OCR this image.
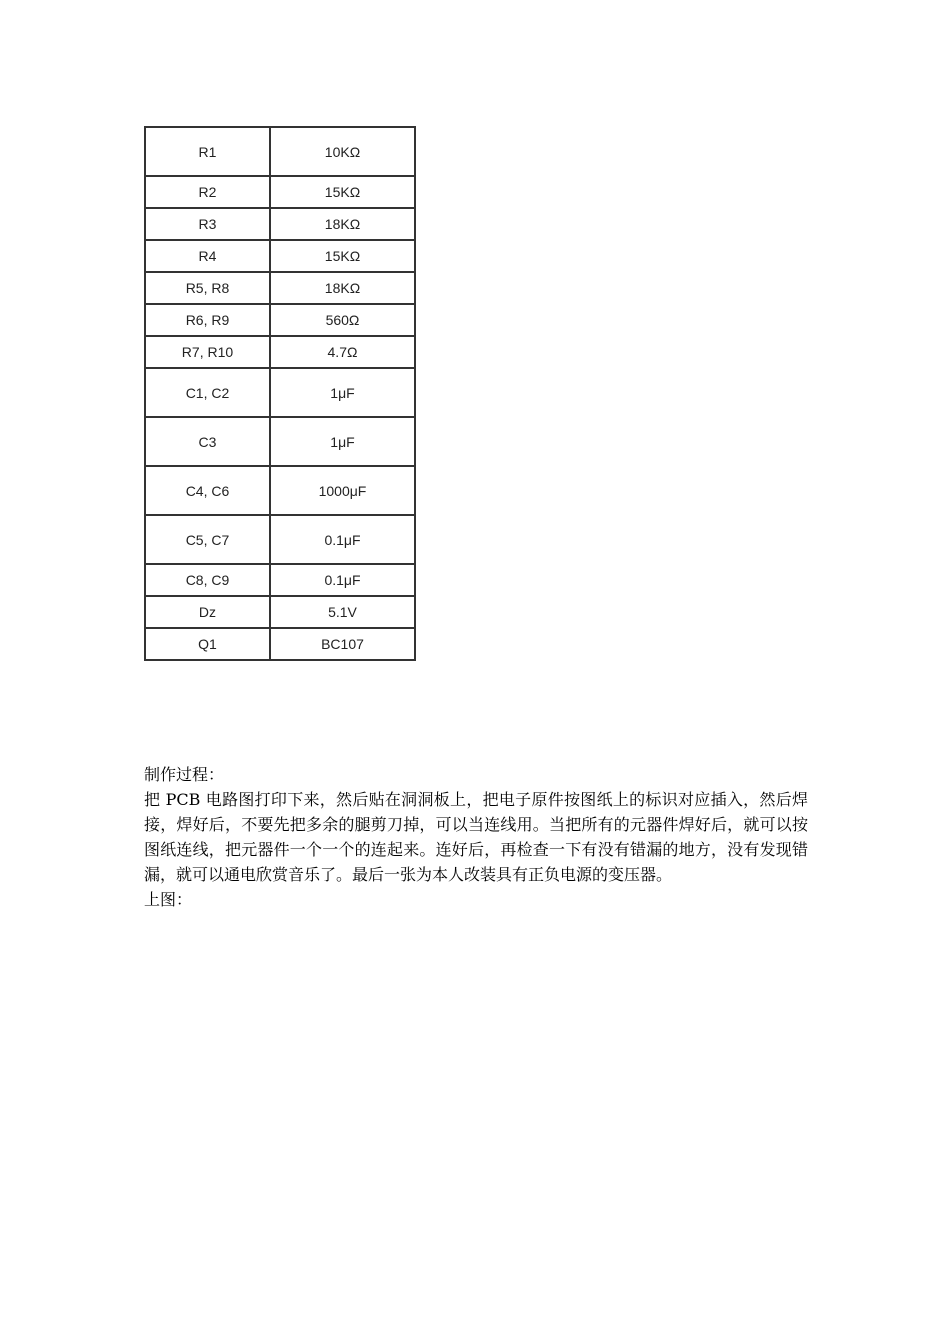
R1	10KΩ
R2	15KΩ
R3	18KΩ
R4	15KΩ
R5, R8	18KΩ
R6, R9	560Ω
R7, R10	4.7Ω
C1, C2	1μF
C3	1μF
C4, C6	1000μF
C5, C7	0.1μF
C8, C9	0.1μF
Dz	5.1V
Q1	BC107

制作过程：

把 PCB 电路图打印下来，然后贴在洞洞板上，把电子原件按图纸上的标识对应插入，然后焊接，焊好后，不要先把多余的腿剪刀掉，可以当连线用。当把所有的元器件焊好后，就可以按图纸连线，把元器件一个一个的连起来。连好后，再检查一下有没有错漏的地方，没有发现错漏，就可以通电欣赏音乐了。最后一张为本人改装具有正负电源的变压器。

上图：
